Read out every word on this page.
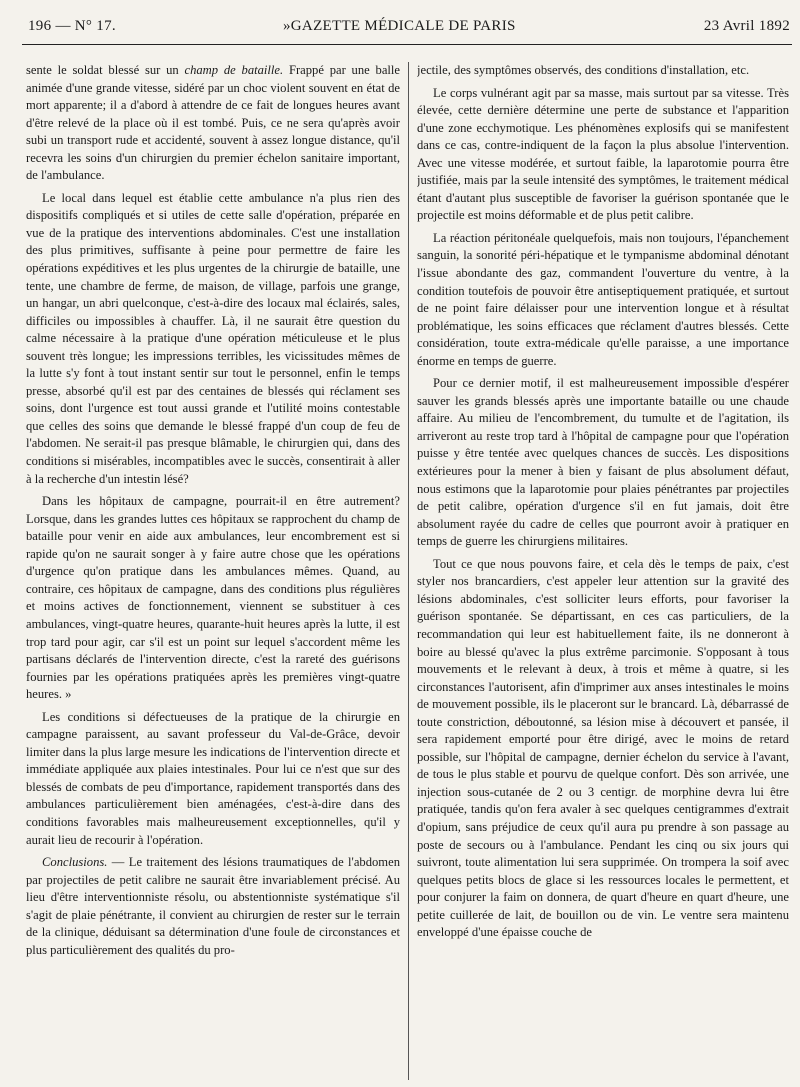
196 — N° 17.	»GAZETTE MÉDICALE DE PARIS	23 Avril 1892

sente le soldat blessé sur un champ de bataille. Frappé par une balle animée d'une grande vitesse, sidéré par un choc violent souvent en état de mort apparente; il a d'abord à attendre de ce fait de longues heures avant d'être relevé de la place où il est tombé. Puis, ce ne sera qu'après avoir subi un transport rude et accidenté, souvent à assez longue distance, qu'il recevra les soins d'un chirurgien du premier échelon sanitaire important, de l'ambulance.

Le local dans lequel est établie cette ambulance n'a plus rien des dispositifs compliqués et si utiles de cette salle d'opération, préparée en vue de la pratique des interventions abdominales. C'est une installation des plus primitives, suffisante à peine pour permettre de faire les opérations expéditives et les plus urgentes de la chirurgie de bataille, une tente, une chambre de ferme, de maison, de village, parfois une grange, un hangar, un abri quelconque, c'est-à-dire des locaux mal éclairés, sales, difficiles ou impossibles à chauffer. Là, il ne saurait être question du calme nécessaire à la pratique d'une opération méticuleuse et le plus souvent très longue; les impressions terribles, les vicissitudes mêmes de la lutte s'y font à tout instant sentir sur tout le personnel, enfin le temps presse, absorbé qu'il est par des centaines de blessés qui réclament ses soins, dont l'urgence est tout aussi grande et l'utilité moins contestable que celles des soins que demande le blessé frappé d'un coup de feu de l'abdomen. Ne serait-il pas presque blâmable, le chirurgien qui, dans des conditions si misérables, incompatibles avec le succès, consentirait à aller à la recherche d'un intestin lésé?

Dans les hôpitaux de campagne, pourrait-il en être autrement? Lorsque, dans les grandes luttes ces hôpitaux se rapprochent du champ de bataille pour venir en aide aux ambulances, leur encombrement est si rapide qu'on ne saurait songer à y faire autre chose que les opérations d'urgence qu'on pratique dans les ambulances mêmes. Quand, au contraire, ces hôpitaux de campagne, dans des conditions plus régulières et moins actives de fonctionnement, viennent se substituer à ces ambulances, vingt-quatre heures, quarante-huit heures après la lutte, il est trop tard pour agir, car s'il est un point sur lequel s'accordent même les partisans déclarés de l'intervention directe, c'est la rareté des guérisons fournies par les opérations pratiquées après les premières vingt-quatre heures. »

Les conditions si défectueuses de la pratique de la chirurgie en campagne paraissent, au savant professeur du Val-de-Grâce, devoir limiter dans la plus large mesure les indications de l'intervention directe et immédiate appliquée aux plaies intestinales. Pour lui ce n'est que sur des blessés de combats de peu d'importance, rapidement transportés dans des ambulances particulièrement bien aménagées, c'est-à-dire dans des conditions favorables mais malheureusement exceptionnelles, qu'il y aurait lieu de recourir à l'opération.

Conclusions. — Le traitement des lésions traumatiques de l'abdomen par projectiles de petit calibre ne saurait être invariablement précisé. Au lieu d'être interventionniste résolu, ou abstentionniste systématique s'il s'agit de plaie pénétrante, il convient au chirurgien de rester sur le terrain de la clinique, déduisant sa détermination d'une foule de circonstances et plus particulièrement des qualités du pro-

jectile, des symptômes observés, des conditions d'installation, etc.

Le corps vulnérant agit par sa masse, mais surtout par sa vitesse. Très élevée, cette dernière détermine une perte de substance et l'apparition d'une zone ecchymotique. Les phénomènes explosifs qui se manifestent dans ce cas, contre-indiquent de la façon la plus absolue l'intervention. Avec une vitesse modérée, et surtout faible, la laparotomie pourra être justifiée, mais par la seule intensité des symptômes, le traitement médical étant d'autant plus susceptible de favoriser la guérison spontanée que le projectile est moins déformable et de plus petit calibre.

La réaction péritonéale quelquefois, mais non toujours, l'épanchement sanguin, la sonorité péri-hépatique et le tympanisme abdominal dénotant l'issue abondante des gaz, commandent l'ouverture du ventre, à la condition toutefois de pouvoir être antiseptiquement pratiquée, et surtout de ne point faire délaisser pour une intervention longue et à résultat problématique, les soins efficaces que réclament d'autres blessés. Cette considération, toute extra-médicale qu'elle paraisse, a une importance énorme en temps de guerre.

Pour ce dernier motif, il est malheureusement impossible d'espérer sauver les grands blessés après une importante bataille ou une chaude affaire. Au milieu de l'encombrement, du tumulte et de l'agitation, ils arriveront au reste trop tard à l'hôpital de campagne pour que l'opération puisse y être tentée avec quelques chances de succès. Les dispositions extérieures pour la mener à bien y faisant de plus absolument défaut, nous estimons que la laparotomie pour plaies pénétrantes par projectiles de petit calibre, opération d'urgence s'il en fut jamais, doit être absolument rayée du cadre de celles que pourront avoir à pratiquer en temps de guerre les chirurgiens militaires.

Tout ce que nous pouvons faire, et cela dès le temps de paix, c'est styler nos brancardiers, c'est appeler leur attention sur la gravité des lésions abdominales, c'est solliciter leurs efforts, pour favoriser la guérison spontanée. Se départissant, en ces cas particuliers, de la recommandation qui leur est habituellement faite, ils ne donneront à boire au blessé qu'avec la plus extrême parcimonie. S'opposant à tous mouvements et le relevant à deux, à trois et même à quatre, si les circonstances l'autorisent, afin d'imprimer aux anses intestinales le moins de mouvement possible, ils le placeront sur le brancard. Là, débarrassé de toute constriction, déboutonné, sa lésion mise à découvert et pansée, il sera rapidement emporté pour être dirigé, avec le moins de retard possible, sur l'hôpital de campagne, dernier échelon du service à l'avant, de tous le plus stable et pourvu de quelque confort. Dès son arrivée, une injection sous-cutanée de 2 ou 3 centigr. de morphine devra lui être pratiquée, tandis qu'on fera avaler à sec quelques centigrammes d'extrait d'opium, sans préjudice de ceux qu'il aura pu prendre à son passage au poste de secours ou à l'ambulance. Pendant les cinq ou six jours qui suivront, toute alimentation lui sera supprimée. On trompera la soif avec quelques petits blocs de glace si les ressources locales le permettent, et pour conjurer la faim on donnera, de quart d'heure en quart d'heure, une petite cuillerée de lait, de bouillon ou de vin. Le ventre sera maintenu enveloppé d'une épaisse couche de
